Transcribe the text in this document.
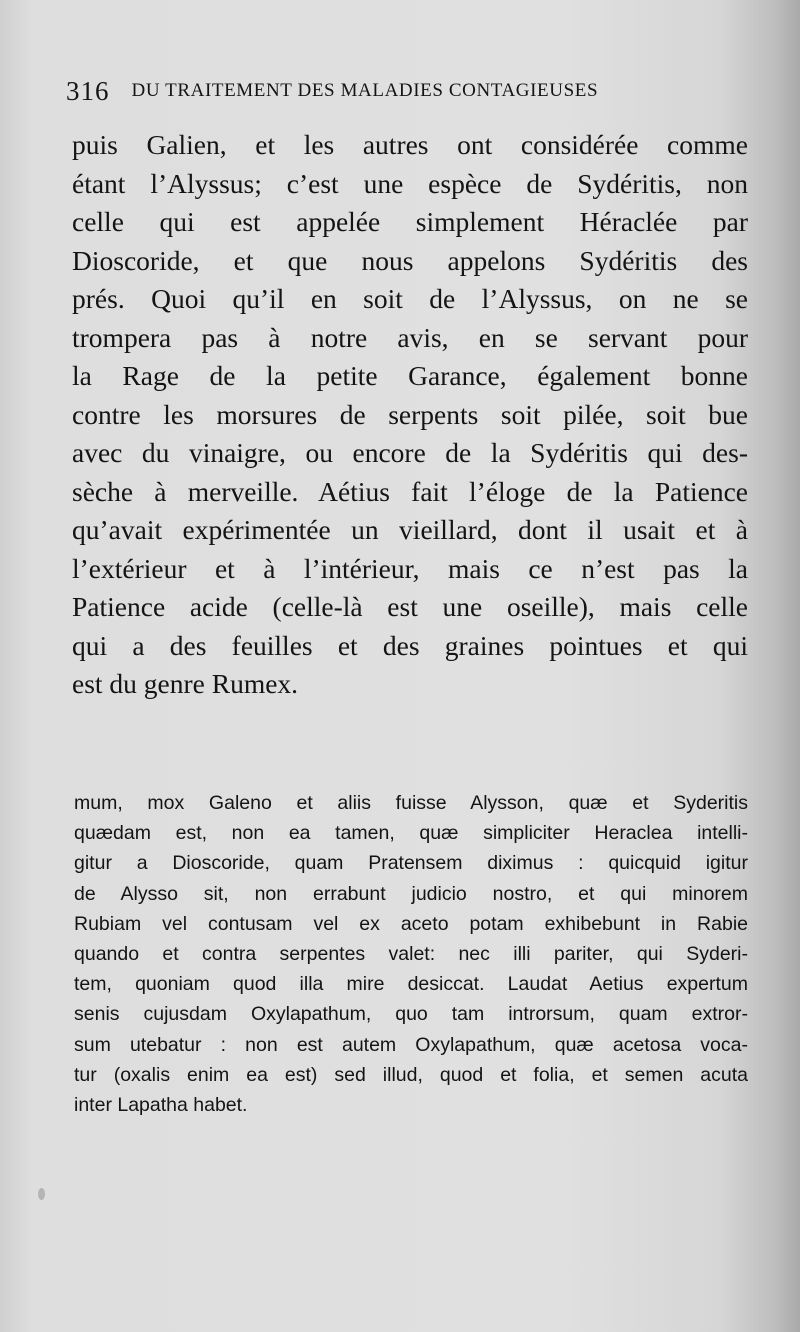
316 DU TRAITEMENT DES MALADIES CONTAGIEUSES
puis Galien, et les autres ont considérée comme
étant l’Alyssus; c’est une espèce de Sydéritis, non
celle qui est appelée simplement Héraclée par
Dioscoride, et que nous appelons Sydéritis des
prés. Quoi qu’il en soit de l’Alyssus, on ne se
trompera pas à notre avis, en se servant pour
la Rage de la petite Garance, également bonne
contre les morsures de serpents soit pilée, soit bue
avec du vinaigre, ou encore de la Sydéritis qui des-
sèche à merveille. Aétius fait l’éloge de la Patience
qu’avait expérimentée un vieillard, dont il usait et à
l’extérieur et à l’intérieur, mais ce n’est pas la
Patience acide (celle-là est une oseille), mais celle
qui a des feuilles et des graines pointues et qui
est du genre Rumex.
mum, mox Galeno et aliis fuisse Alysson, quæ et Syderitis
quædam est, non ea tamen, quæ simpliciter Heraclea intelli-
gitur a Dioscoride, quam Pratensem diximus : quicquid igitur
de Alysso sit, non errabunt judicio nostro, et qui minorem
Rubiam vel contusam vel ex aceto potam exhibebunt in Rabie
quando et contra serpentes valet: nec illi pariter, qui Syderi-
tem, quoniam quod illa mire desiccat. Laudat Aetius expertum
senis cujusdam Oxylapathum, quo tam introrsum, quam extror-
sum utebatur : non est autem Oxylapathum, quæ acetosa voca-
tur (oxalis enim ea est) sed illud, quod et folia, et semen acuta
inter Lapatha habet.
